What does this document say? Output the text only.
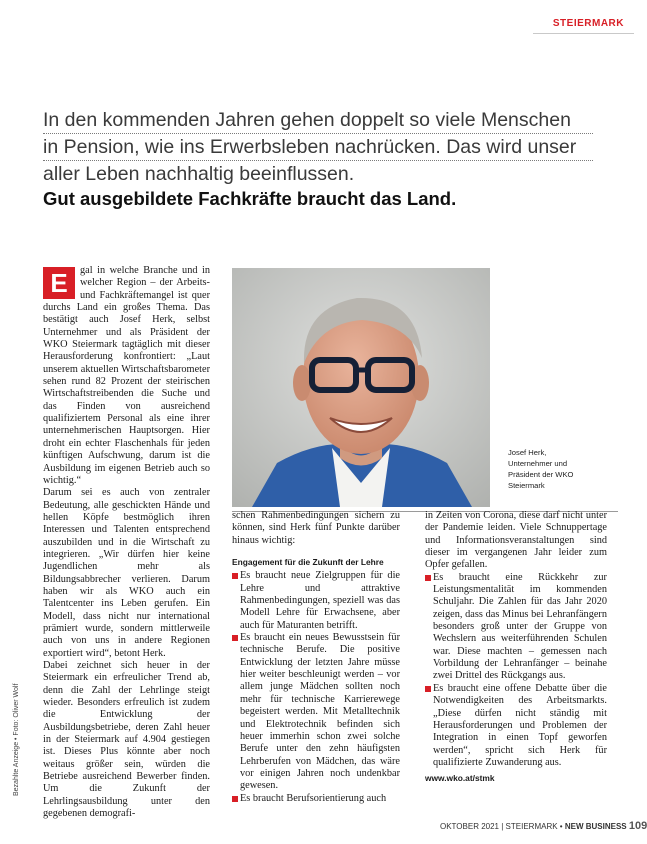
STEIERMARK
In den kommenden Jahren gehen doppelt so viele Menschen
in Pension, wie ins Erwerbsleben nachrücken. Das wird unser
aller Leben nachhaltig beeinflussen.
Gut ausgebildete Fachkräfte braucht das Land.
E	gal in welche Branche und in welcher Region – der Arbeits- und Fachkräftemangel ist quer durchs Land ein großes Thema. Das bestätigt auch Josef Herk, selbst Unternehmer und als Präsident der WKO Steiermark tagtäglich mit dieser Herausforderung konfrontiert: „Laut unserem aktuellen Wirtschaftsbarometer sehen rund 82 Prozent der steirischen Wirtschaftstreibenden die Suche und das Finden von ausreichend qualifiziertem Personal als eine ihrer unternehmerischen Hauptsorgen. Hier droht ein echter Flaschenhals für jeden künftigen Aufschwung, darum ist die Ausbildung im eigenen Betrieb auch so wichtig.“

Darum sei es auch von zentraler Bedeutung, alle geschickten Hände und hellen Köpfe bestmöglich ihren Interessen und Talenten entsprechend auszubilden und in die Wirtschaft zu integrieren. „Wir dürfen hier keine Jugendlichen mehr als Bildungsabbrecher verlieren. Darum haben wir als WKO auch ein Talentcenter ins Leben gerufen. Ein Modell, dass nicht nur international prämiert wurde, sondern mittlerweile auch von uns in andere Regionen exportiert wird“, betont Herk.

Dabei zeichnet sich heuer in der Steiermark ein erfreulicher Trend ab, denn die Zahl der Lehrlinge steigt wieder. Besonders erfreulich ist zudem die Entwicklung der Ausbildungsbetriebe, deren Zahl heuer in der Steiermark auf 4.904 gestiegen ist. Dieses Plus könnte aber noch weitaus größer sein, würden die Betriebe ausreichend Bewerber finden. Um die Zukunft der Lehrlingsausbildung unter den gegebenen demografi-

Josef Herk,

Unternehmer und

Präsident der WKO

Steiermark

schen Rahmenbedingungen sichern zu können, sind Herk fünf Punkte darüber hinaus wichtig:

Engagement für die Zukunft der Lehre

Es braucht neue Zielgruppen für die Lehre und attraktive Rahmenbedingungen, speziell was das Modell Lehre für Erwachsene, aber auch für Maturanten betrifft.

Es braucht ein neues Bewusstsein für technische Berufe. Die positive Entwicklung der letzten Jahre müsse hier weiter beschleunigt werden – vor allem junge Mädchen sollten noch mehr für technische Karrierewege begeistert werden. Mit Metalltechnik und Elektrotechnik befinden sich heuer immerhin schon zwei solche Berufe unter den zehn häufigsten Lehrberufen von Mädchen, das wäre vor einigen Jahren noch undenkbar gewesen.

Es braucht Berufsorientierung auch

in Zeiten von Corona, diese darf nicht unter der Pandemie leiden. Viele Schnuppertage und Informationsveranstaltungen sind dieser im vergangenen Jahr leider zum Opfer gefallen.

Es braucht eine Rückkehr zur Leistungsmentalität im kommenden Schuljahr. Die Zahlen für das Jahr 2020 zeigen, dass das Minus bei Lehranfängern besonders groß unter der Gruppe von Wechslern aus weiterführenden Schulen war. Diese machten – gemessen nach Vorbildung der Lehranfänger – beinahe zwei Drittel des Rückgangs aus.

Es braucht eine offene Debatte über die Notwendigkeiten des Arbeitsmarkts. „Diese dürfen nicht ständig mit Herausforderungen und Problemen der Integration in einen Topf geworfen werden“, spricht sich Herk für qualifizierte Zuwanderung aus.

www.wko.at/stmk

Bezahlte Anzeige • Foto: Oliver Wolf
OKTOBER 2021 | STEIERMARK • NEW BUSINESS 109
